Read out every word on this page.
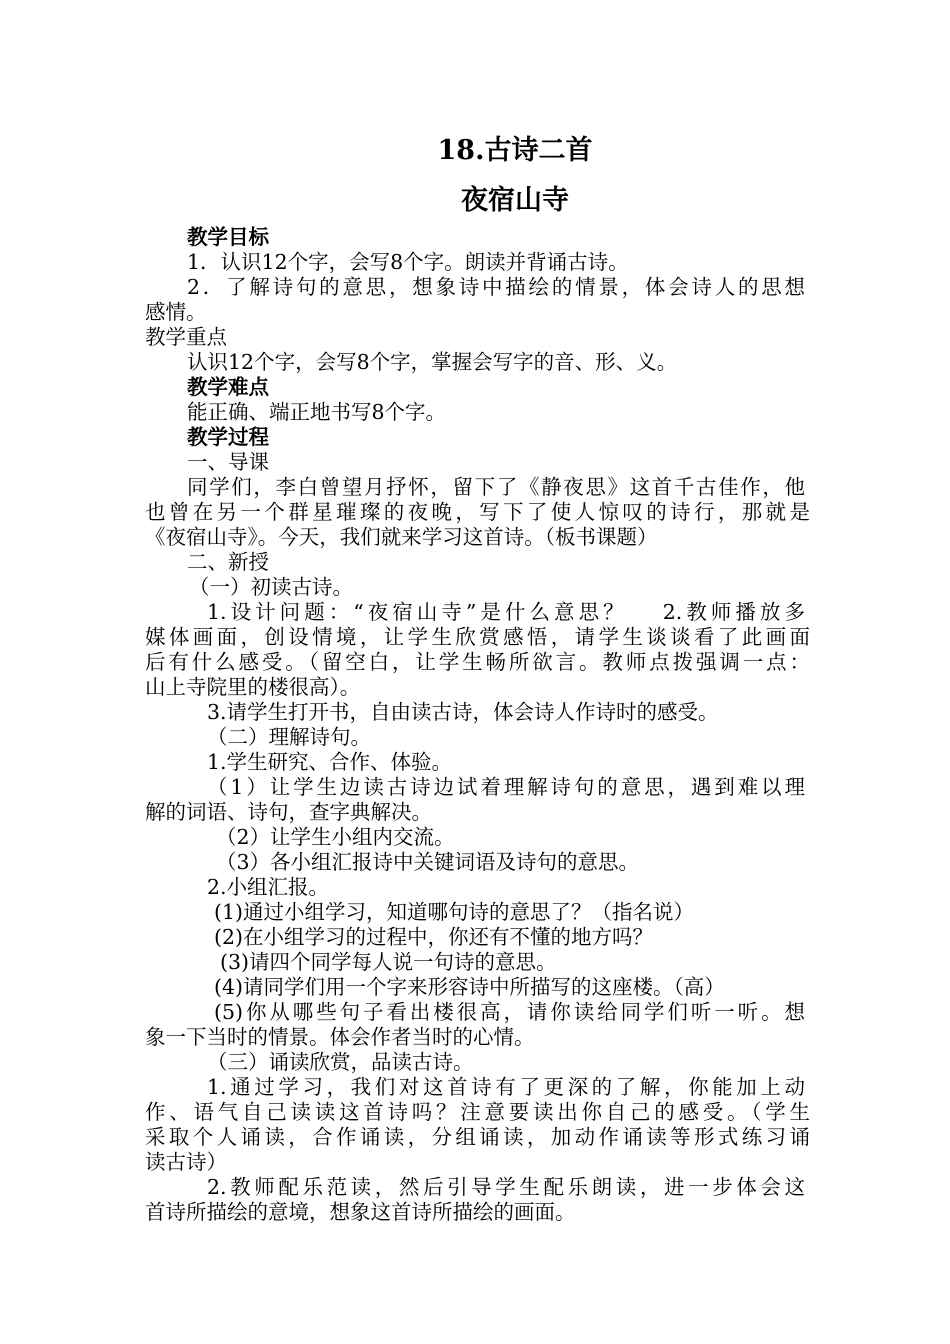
18.古诗二首
夜宿山寺
教学目标
1．认识12个字，会写8个字。朗读并背诵古诗。
2．了解诗句的意思，想象诗中描绘的情景，体会诗人的思想
感情。
教学重点
认识12个字，会写8个字，掌握会写字的音、形、义。
教学难点
能正确、端正地书写8个字。
教学过程
一、导课
同学们，李白曾望月抒怀，留下了《静夜思》这首千古佳作，他
也曾在另一个群星璀璨的夜晚，写下了使人惊叹的诗行，那就是
《夜宿山寺》。今天，我们就来学习这首诗。（板书课题）
二、新授
（一）初读古诗。
1.设计问题：“夜宿山寺”是什么意思？　 2.教师播放多
媒体画面，创设情境，让学生欣赏感悟，请学生谈谈看了此画面
后有什么感受。（留空白，让学生畅所欲言。教师点拨强调一点：
山上寺院里的楼很高）。
3.请学生打开书，自由读古诗，体会诗人作诗时的感受。
（二）理解诗句。
1.学生研究、合作、体验。
（1）让学生边读古诗边试着理解诗句的意思，遇到难以理
解的词语、诗句，查字典解决。
（2）让学生小组内交流。
（3）各小组汇报诗中关键词语及诗句的意思。
2.小组汇报。
(1)通过小组学习，知道哪句诗的意思了？（指名说）
(2)在小组学习的过程中，你还有不懂的地方吗？
(3)请四个同学每人说一句诗的意思。
(4)请同学们用一个字来形容诗中所描写的这座楼。（高）
(5)你从哪些句子看出楼很高，请你读给同学们听一听。想
象一下当时的情景。体会作者当时的心情。
（三）诵读欣赏，品读古诗。
1.通过学习，我们对这首诗有了更深的了解，你能加上动
作、语气自己读读这首诗吗？注意要读出你自己的感受。（学生
采取个人诵读，合作诵读，分组诵读，加动作诵读等形式练习诵
读古诗）
2.教师配乐范读，然后引导学生配乐朗读，进一步体会这
首诗所描绘的意境，想象这首诗所描绘的画面。
